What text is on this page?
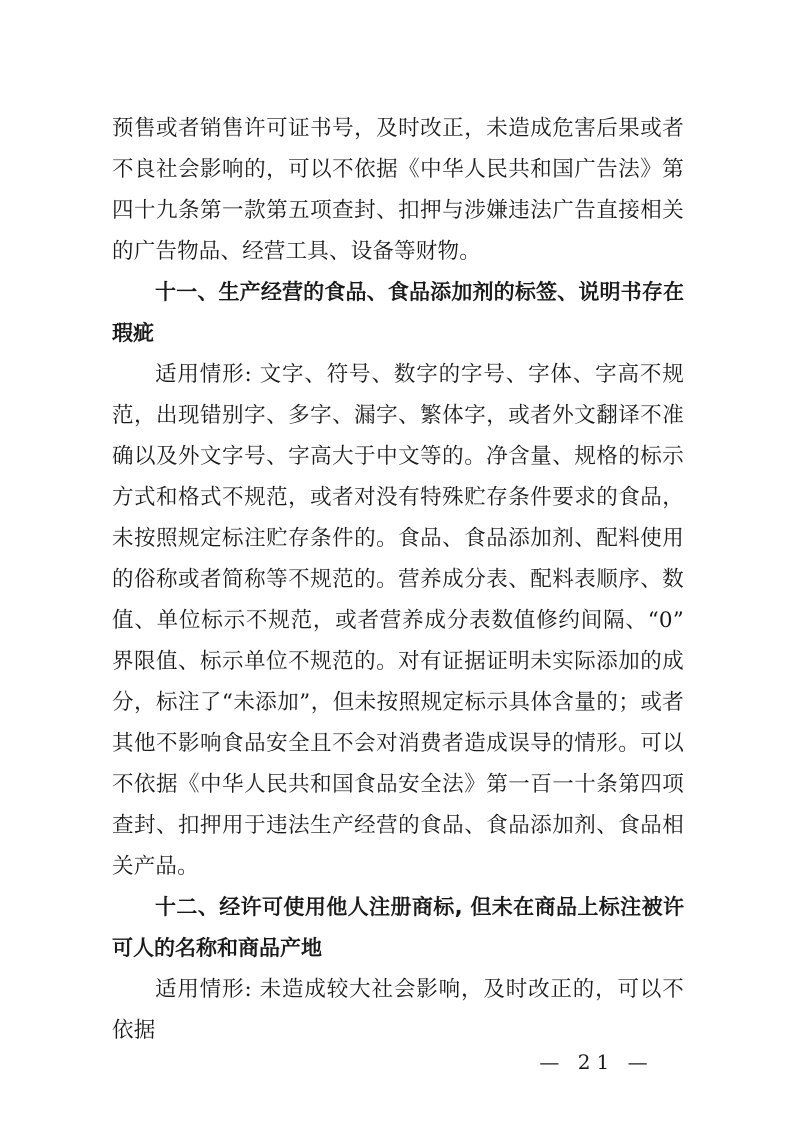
预售或者销售许可证书号，及时改正，未造成危害后果或者不良社会影响的，可以不依据《中华人民共和国广告法》第四十九条第一款第五项查封、扣押与涉嫌违法广告直接相关的广告物品、经营工具、设备等财物。

十一、生产经营的食品、食品添加剂的标签、说明书存在瑕疵

适用情形: 文字、符号、数字的字号、字体、字高不规范，出现错别字、多字、漏字、繁体字，或者外文翻译不准确以及外文字号、字高大于中文等的。净含量、规格的标示方式和格式不规范，或者对没有特殊贮存条件要求的食品，未按照规定标注贮存条件的。食品、食品添加剂、配料使用的俗称或者简称等不规范的。营养成分表、配料表顺序、数值、单位标示不规范，或者营养成分表数值修约间隔、“0”界限值、标示单位不规范的。对有证据证明未实际添加的成分，标注了“未添加”，但未按照规定标示具体含量的；或者其他不影响食品安全且不会对消费者造成误导的情形。可以不依据《中华人民共和国食品安全法》第一百一十条第四项查封、扣押用于违法生产经营的食品、食品添加剂、食品相关产品。

十二、经许可使用他人注册商标, 但未在商品上标注被许可人的名称和商品产地

适用情形: 未造成较大社会影响，及时改正的，可以不依据

— 21 —
